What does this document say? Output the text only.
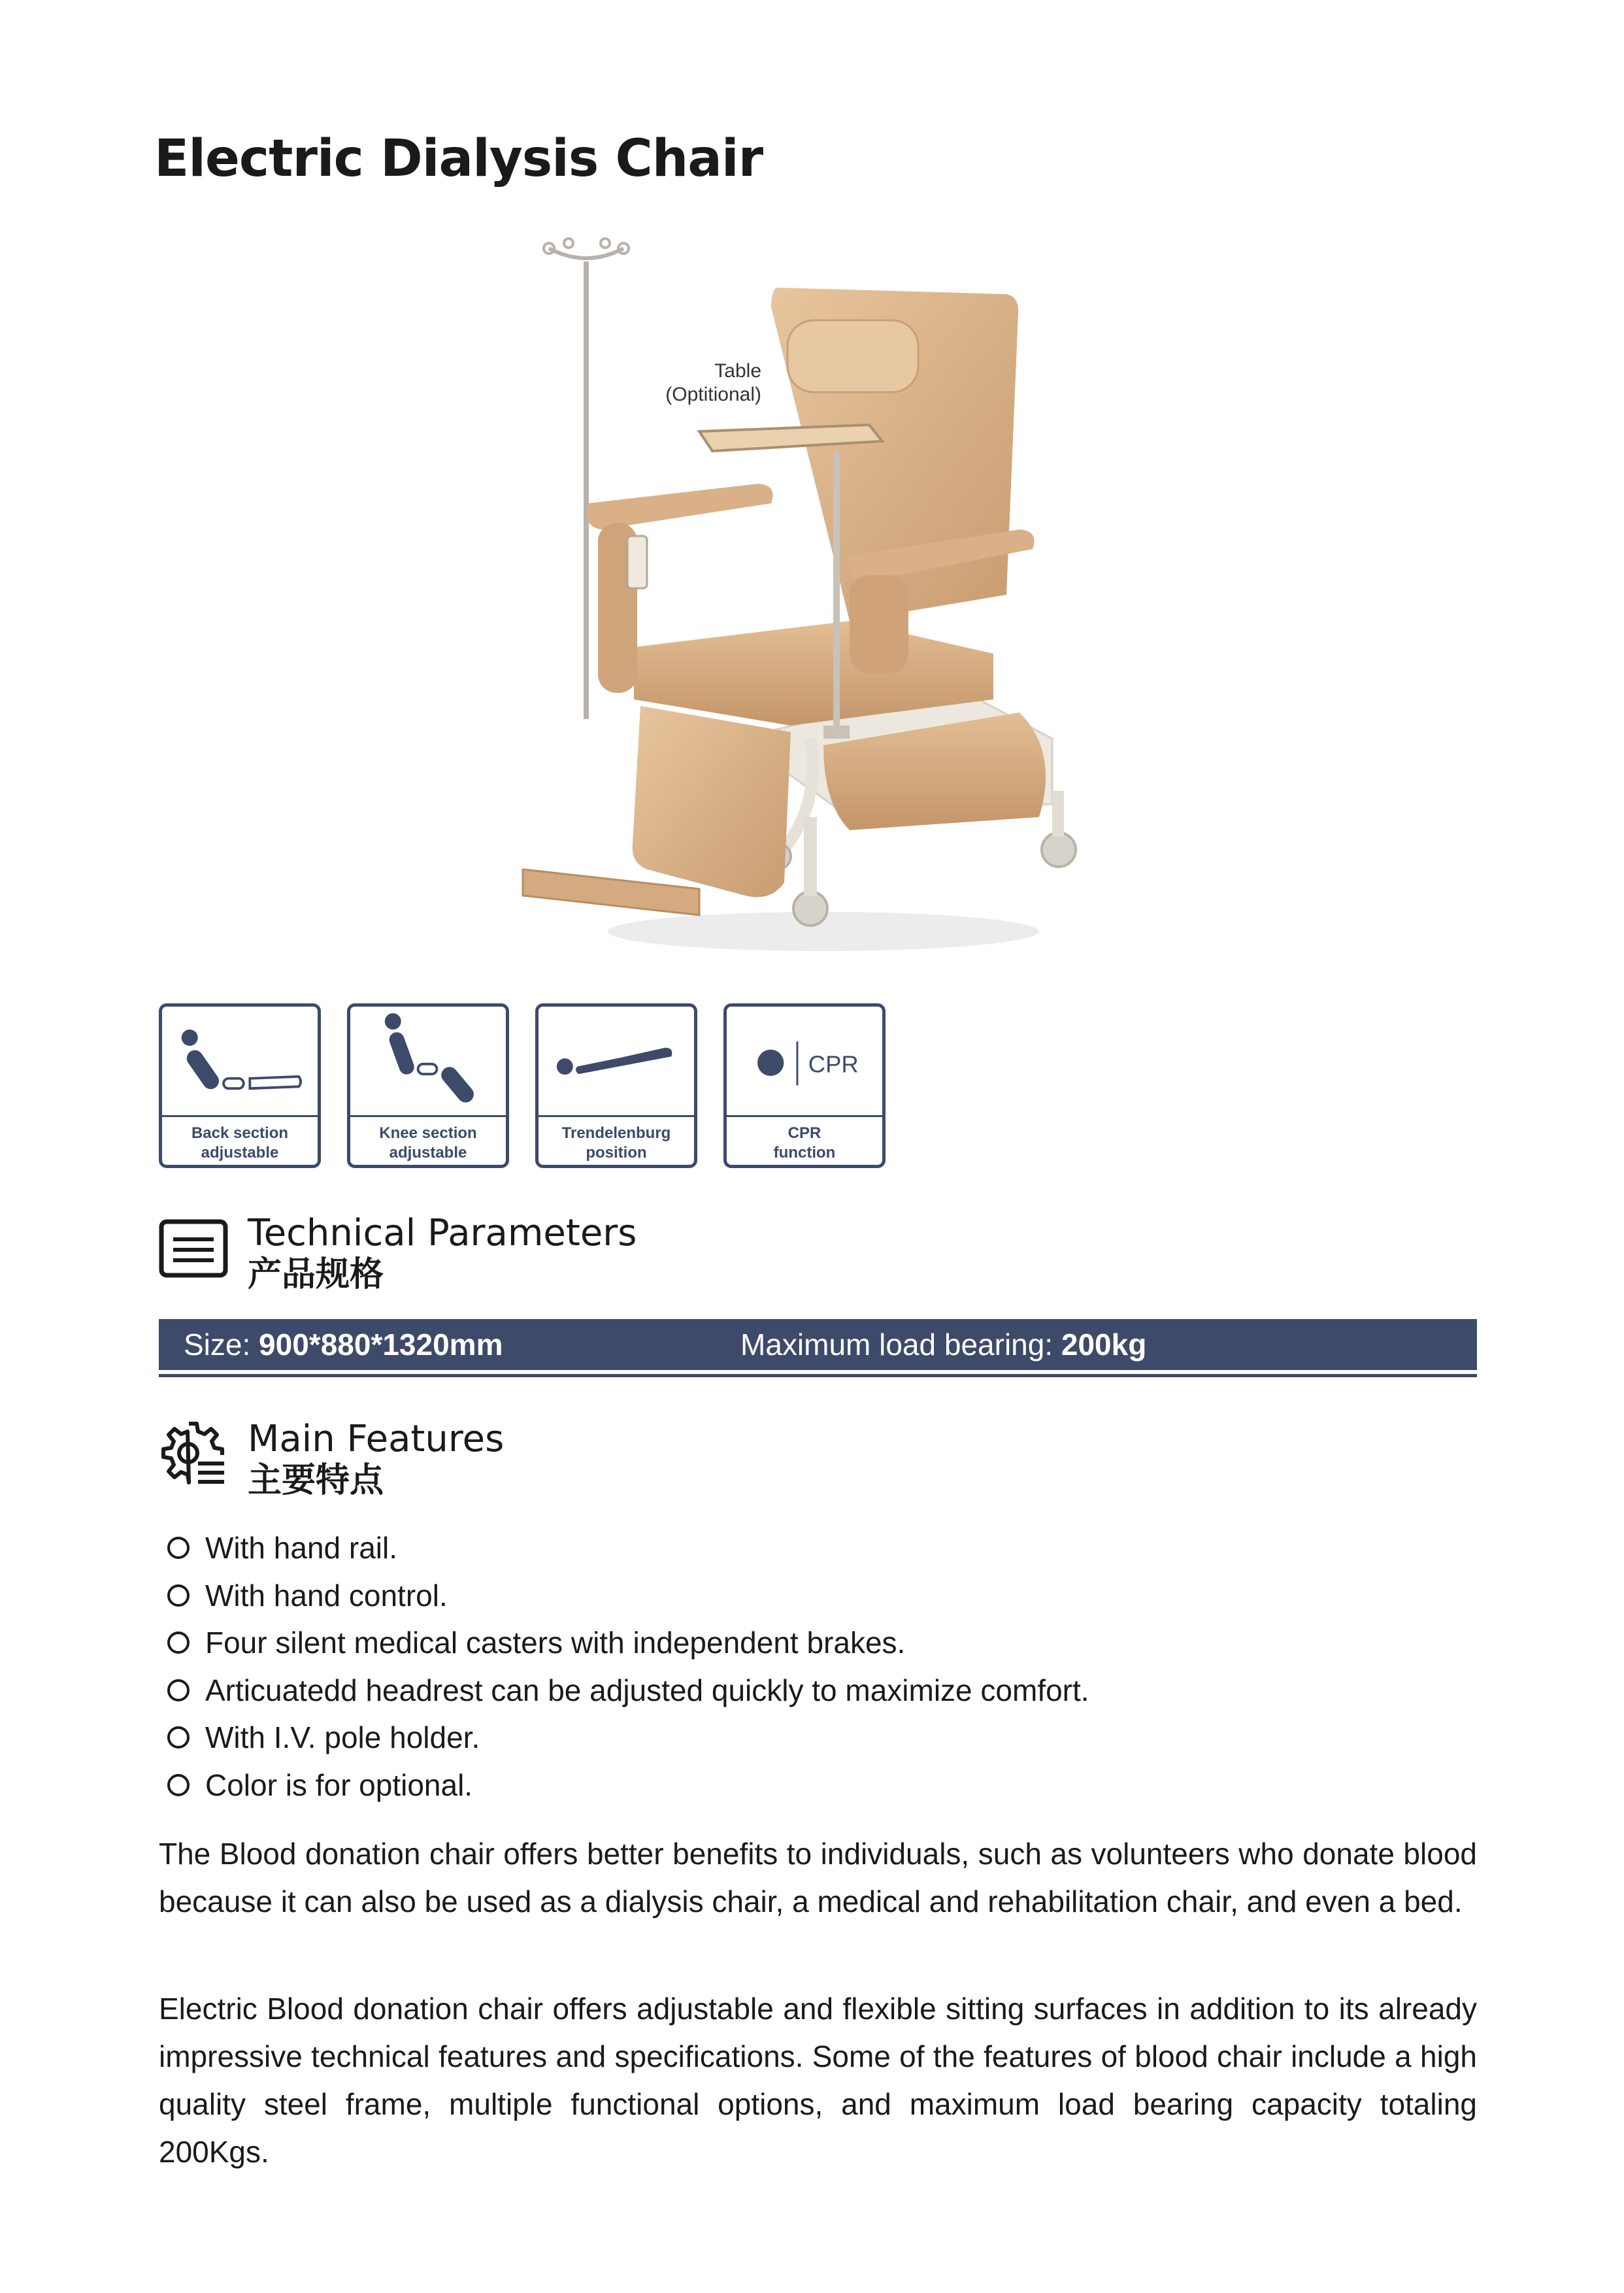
Electric Dialysis Chair
Table
(Optitional)
Back section
adjustable
Knee section
adjustable
Trendelenburg
position
CPR
CPR
function
Technical Parameters
产品规格
Size: 900*880*1320mm	Maximum load bearing: 200kg
Main Features
主要特点
With hand rail.
With hand control.
Four silent medical casters with independent brakes.
Articuatedd headrest can be adjusted quickly to maximize comfort.
With I.V. pole holder.
Color is for optional.

The Blood donation chair offers better benefits to individuals, such as volunteers who donate blood because it can also be used as a dialysis chair, a medical and rehabilitation chair, and even a bed.

Electric Blood donation chair offers adjustable and flexible sitting surfaces in addition to its already impressive technical features and specifications. Some of the features of blood chair include a high quality steel frame, multiple functional options, and maximum load bearing capacity totaling 200Kgs.
